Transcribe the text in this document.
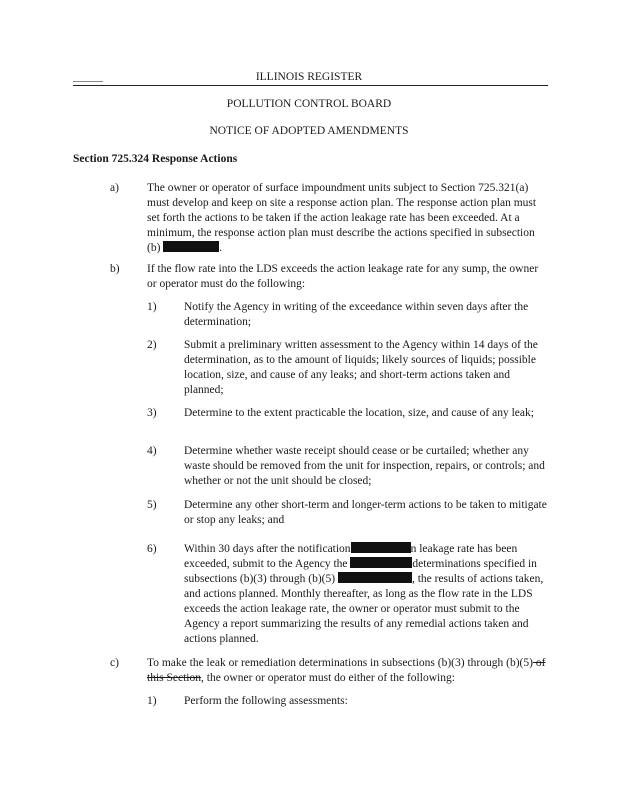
ILLINOIS REGISTER
POLLUTION CONTROL BOARD
NOTICE OF ADOPTED AMENDMENTS
Section 725.324 Response Actions
a) The owner or operator of surface impoundment units subject to Section 725.321(a) must develop and keep on site a response action plan. The response action plan must set forth the actions to be taken if the action leakage rate has been exceeded. At a minimum, the response action plan must describe the actions specified in subsection (b)	.
b) If the flow rate into the LDS exceeds the action leakage rate for any sump, the owner or operator must do the following:
1) Notify the Agency in writing of the exceedance within seven days after the determination;
2) Submit a preliminary written assessment to the Agency within 14 days of the determination, as to the amount of liquids; likely sources of liquids; possible location, size, and cause of any leaks; and short-term actions taken and planned;
3) Determine to the extent practicable the location, size, and cause of any leak;
4) Determine whether waste receipt should cease or be curtailed; whether any waste should be removed from the unit for inspection, repairs, or controls; and whether or not the unit should be closed;
5) Determine any other short-term and longer-term actions to be taken to mitigate or stop any leaks; and
6) Within 30 days after the notification	n leakage rate has been exceeded, submit to the Agency the	determinations specified in subsections (b)(3) through (b)(5)	, the results of actions taken, and actions planned. Monthly thereafter, as long as the flow rate in the LDS exceeds the action leakage rate, the owner or operator must submit to the Agency a report summarizing the results of any remedial actions taken and actions planned.
c) To make the leak or remediation determinations in subsections (b)(3) through (b)(5) of this Section, the owner or operator must do either of the following:
1) Perform the following assessments:
